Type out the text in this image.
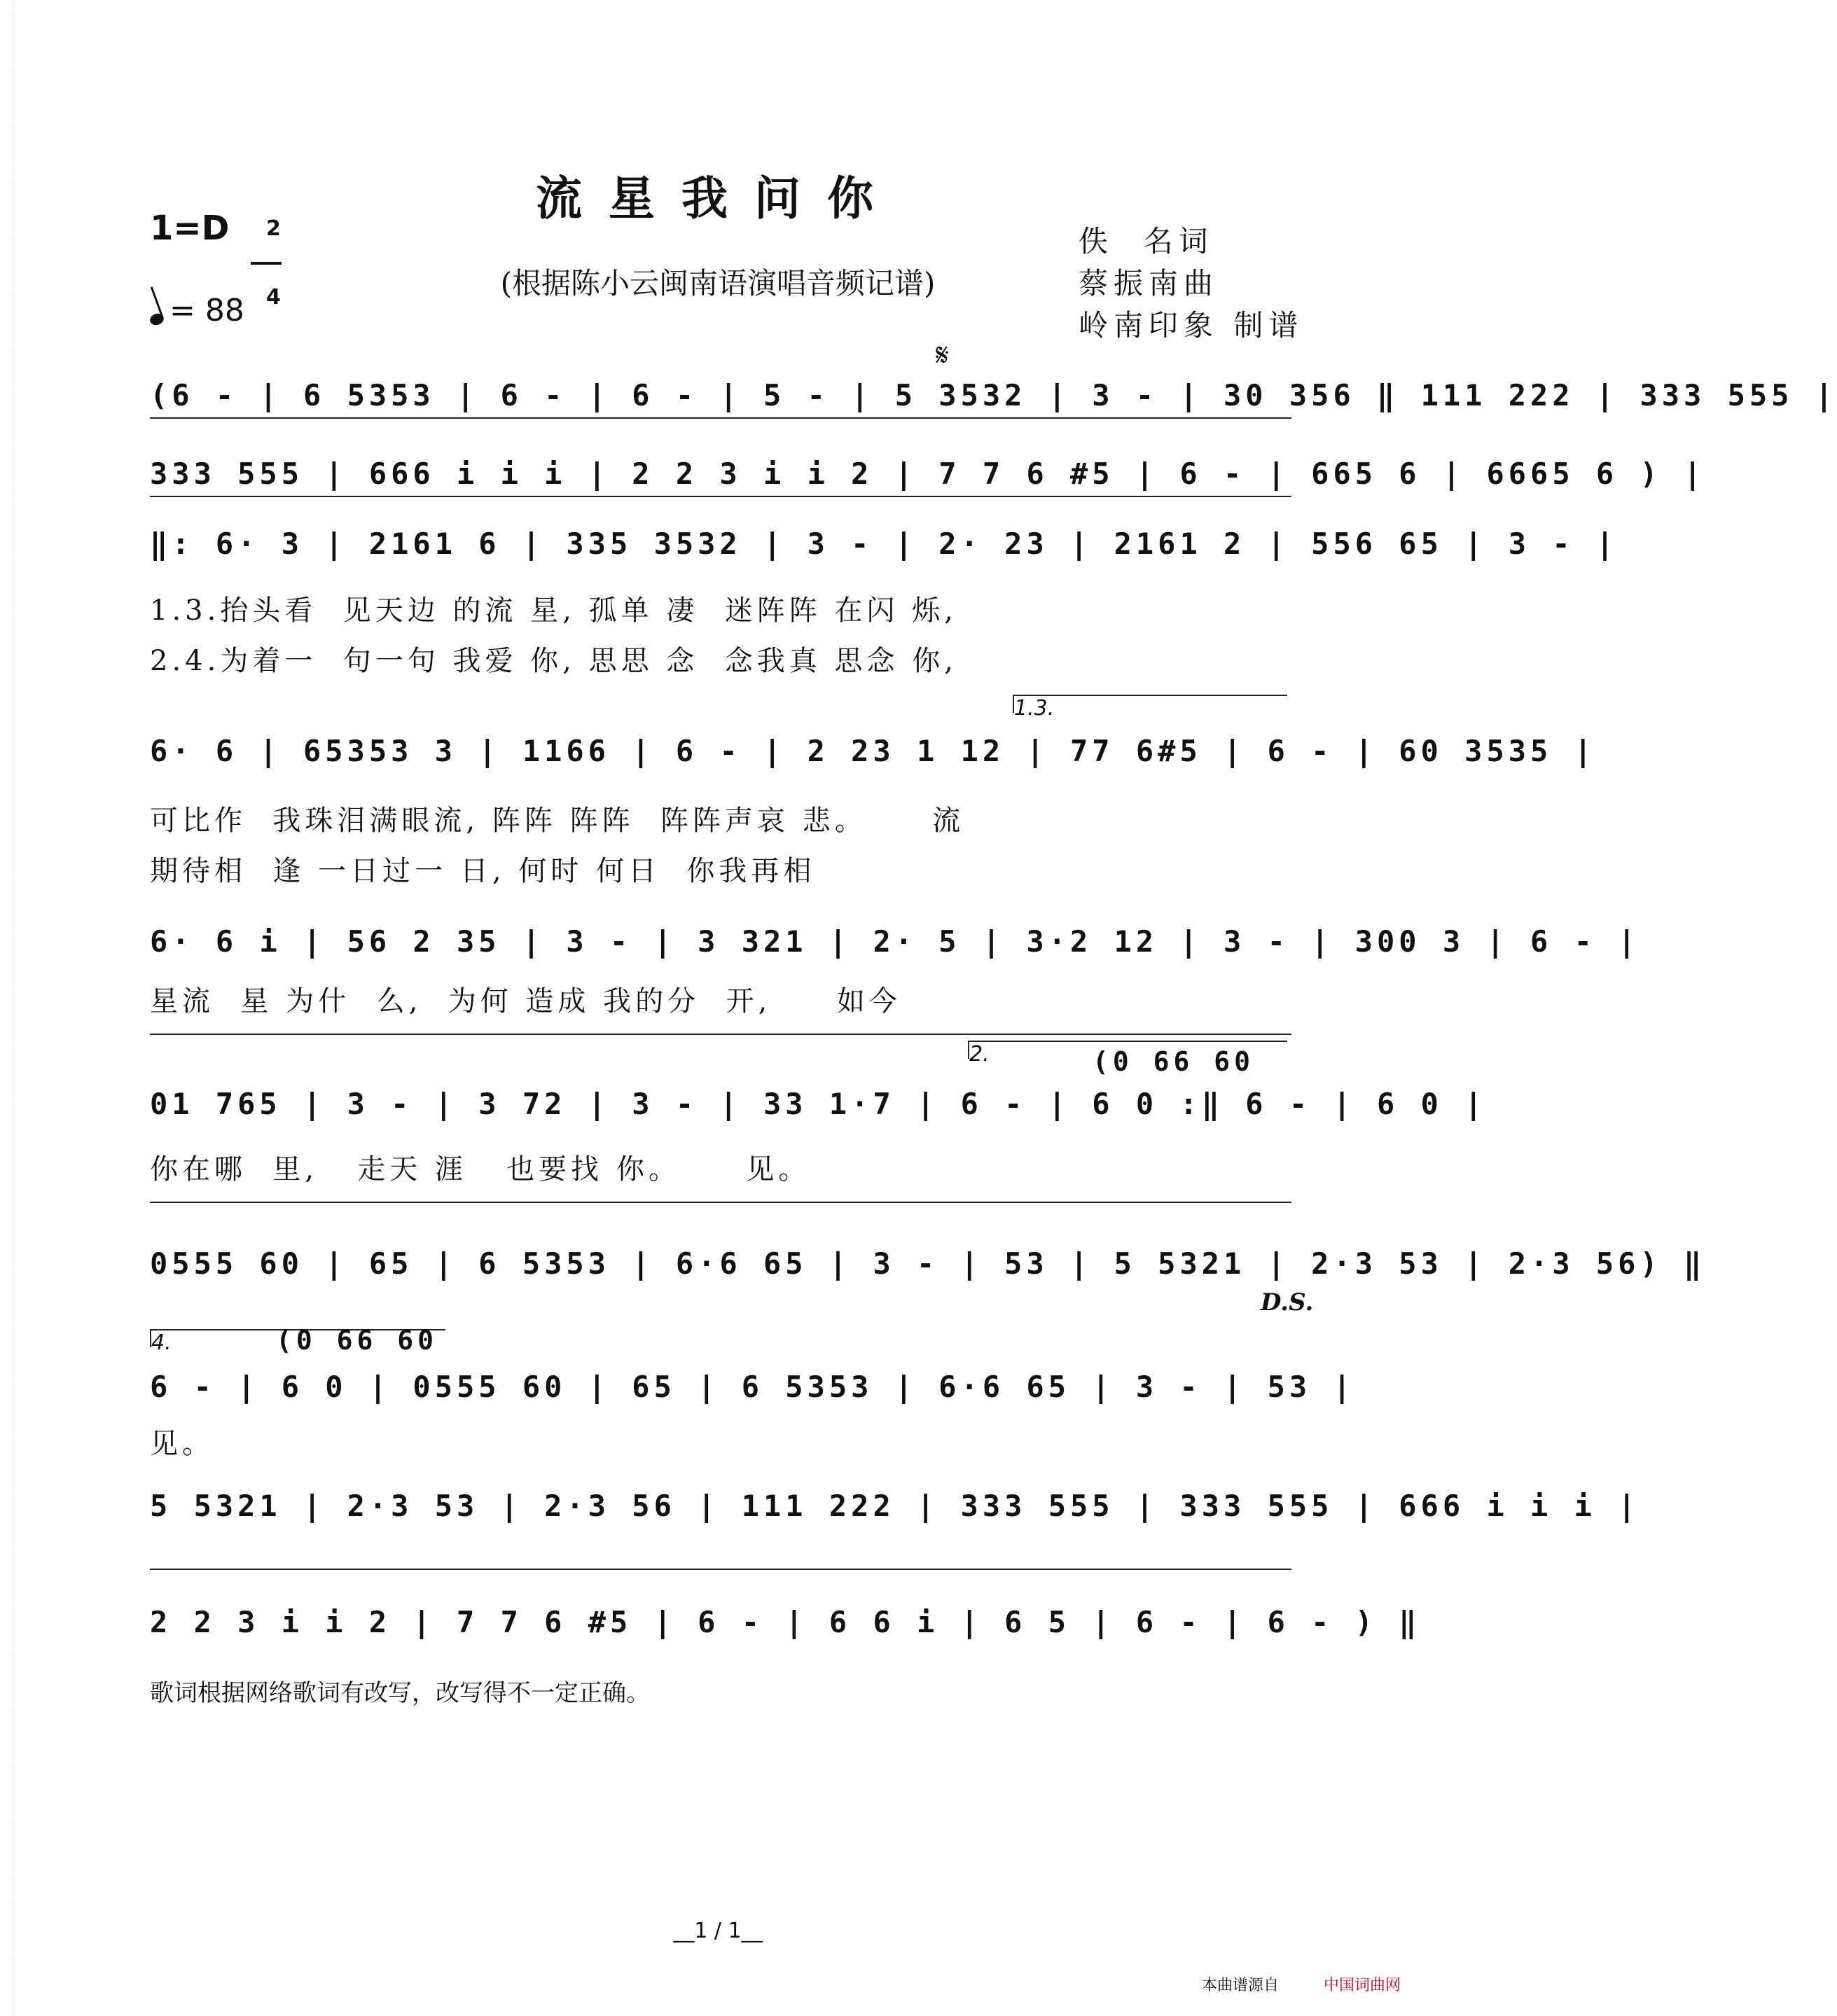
流星我问你
(根据陈小云闽南语演唱音频记谱)
1=D	2

4

= 88
佚  名词
蔡振南曲
岭南印象 制谱
𝄋
(6 - | 6 5353 | 6 - | 6 - | 5 - | 5 3532 | 3 - | 30 356 ‖ 111 222 | 333 555 |
333 555 | 666 i i i | 2 2 3 i i 2 | 7 7 6 #5 | 6 - | 665 6 | 6665 6 ) |
‖: 6· 3 | 2161 6 | 335 3532 | 3 - | 2· 23 | 2161 2 | 556 65 | 3 - |
1.3.抬头看  见天边 的流 星, 孤单 凄  迷阵阵 在闪 烁,
2.4.为着一  句一句 我爱 你, 思思 念  念我真 思念 你,
1.3.
6· 6 | 65353 3 | 1166 | 6 - | 2 23 1 12 | 77 6#5 | 6 - | 60 3535 |
可比作  我珠泪满眼流, 阵阵 阵阵  阵阵声哀 悲。     流
期待相  逢 一日过一 日, 何时 何日  你我再相
6· 6 i | 56 2 35 | 3 - | 3 321 | 2· 5 | 3·2 12 | 3 - | 300 3 | 6 - |
星流  星 为什  么,  为何 造成 我的分  开,     如今
2.	(0 66 60
01 765 | 3 - | 3 72 | 3 - | 33 1·7 | 6 - | 6 0 :‖ 6 - | 6 0 |
你在哪  里,   走天 涯   也要找 你。     见。
0555 60 | 65 | 6 5353 | 6·6 65 | 3 - | 53 | 5 5321 | 2·3 53 | 2·3 56) ‖
D.S.
4.	(0 66 60
6 - | 6 0 | 0555 60 | 65 | 6 5353 | 6·6 65 | 3 - | 53 |
见。
5 5321 | 2·3 53 | 2·3 56 | 111 222 | 333 555 | 333 555 | 666 i i i |
2 2 3 i i 2 | 7 7 6 #5 | 6 - | 6 6 i | 6 5 | 6 - | 6 - ) ‖
歌词根据网络歌词有改写，改写得不一定正确。
__1 / 1__
本曲谱源自	中国词曲网
